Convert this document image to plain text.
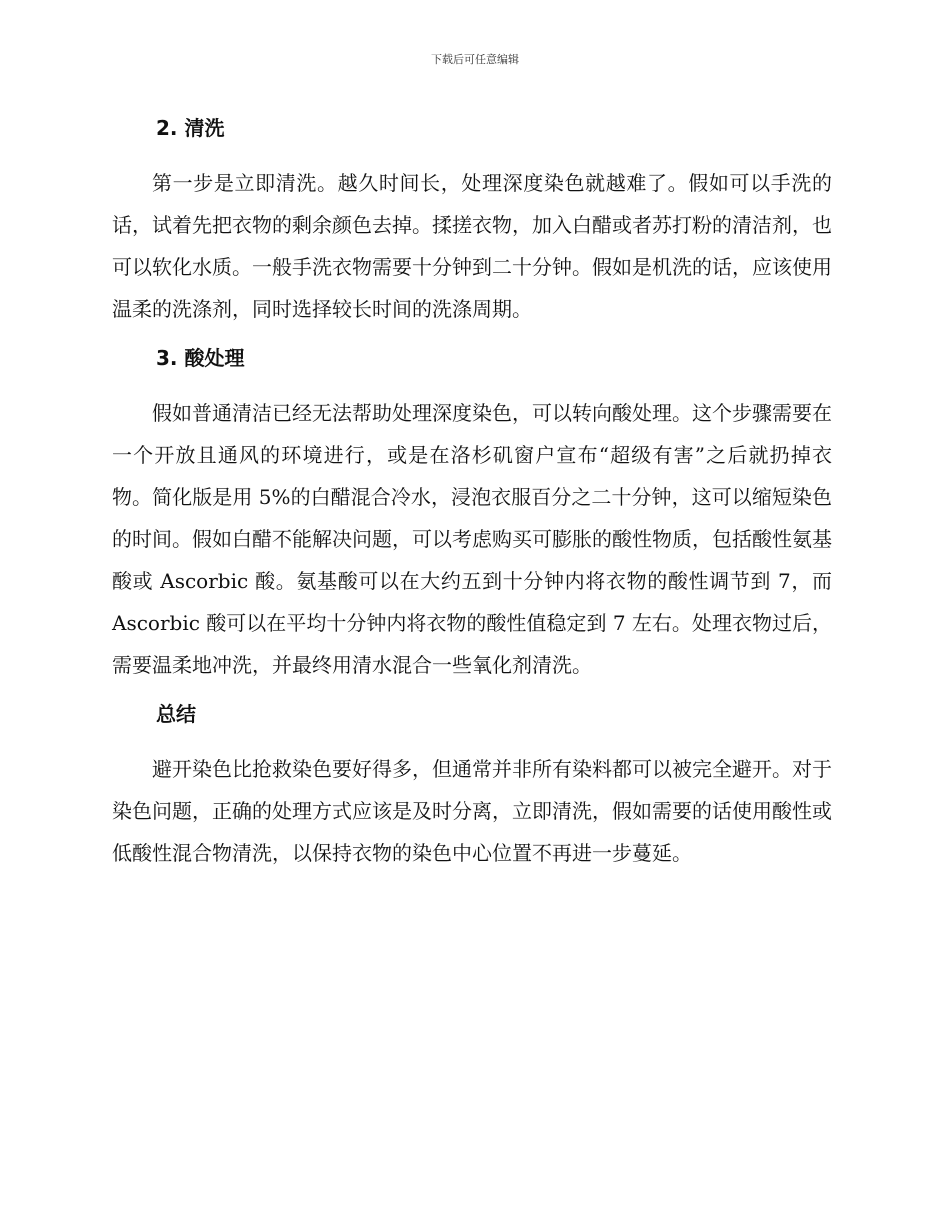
下载后可任意编辑
2. 清洗

第一步是立即清洗。越久时间长，处理深度染色就越难了。假如可以手洗的话，试着先把衣物的剩余颜色去掉。揉搓衣物，加入白醋或者苏打粉的清洁剂，也可以软化水质。一般手洗衣物需要十分钟到二十分钟。假如是机洗的话，应该使用温柔的洗涤剂，同时选择较长时间的洗涤周期。

3. 酸处理

假如普通清洁已经无法帮助处理深度染色，可以转向酸处理。这个步骤需要在一个开放且通风的环境进行，或是在洛杉矶窗户宣布“超级有害”之后就扔掉衣物。简化版是用 5%的白醋混合冷水，浸泡衣服百分之二十分钟，这可以缩短染色的时间。假如白醋不能解决问题，可以考虑购买可膨胀的酸性物质，包括酸性氨基酸或 Ascorbic 酸。氨基酸可以在大约五到十分钟内将衣物的酸性调节到 7，而 Ascorbic 酸可以在平均十分钟内将衣物的酸性值稳定到 7 左右。处理衣物过后，需要温柔地冲洗，并最终用清水混合一些氧化剂清洗。

总结

避开染色比抢救染色要好得多，但通常并非所有染料都可以被完全避开。对于染色问题，正确的处理方式应该是及时分离，立即清洗，假如需要的话使用酸性或低酸性混合物清洗，以保持衣物的染色中心位置不再进一步蔓延。
